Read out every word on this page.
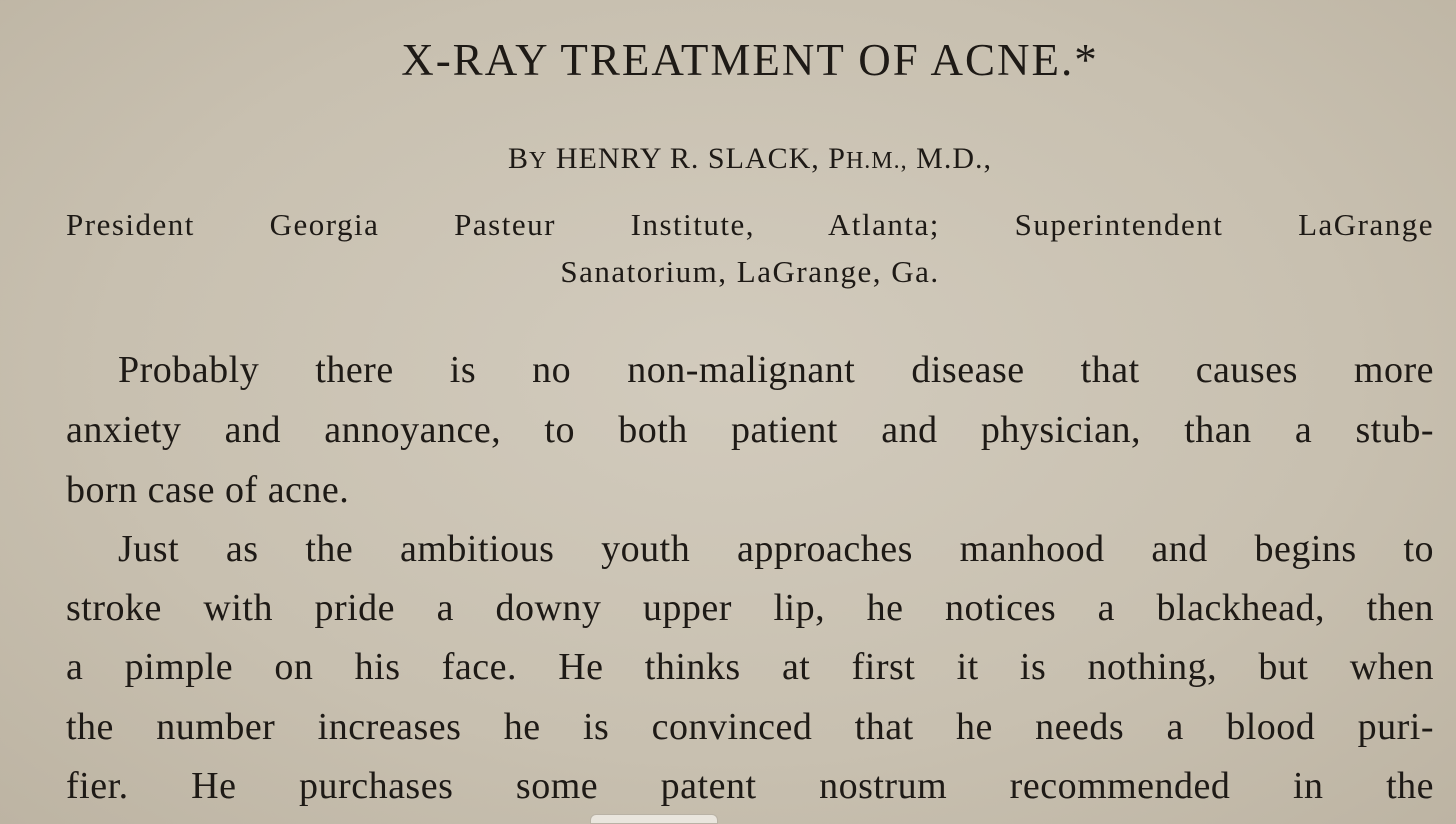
X-RAY TREATMENT OF ACNE.*
BY HENRY R. SLACK, PH.M., M.D.,
President Georgia Pasteur Institute, Atlanta; Superintendent LaGrange
Sanatorium, LaGrange, Ga.
Probably there is no non-malignant disease that causes more
anxiety and annoyance, to both patient and physician, than a stub-
born case of acne.
Just as the ambitious youth approaches manhood and begins to
stroke with pride a downy upper lip, he notices a blackhead, then
a pimple on his face. He thinks at first it is nothing, but when
the number increases he is convinced that he needs a blood puri-
fier. He purchases some patent nostrum recommended in the
